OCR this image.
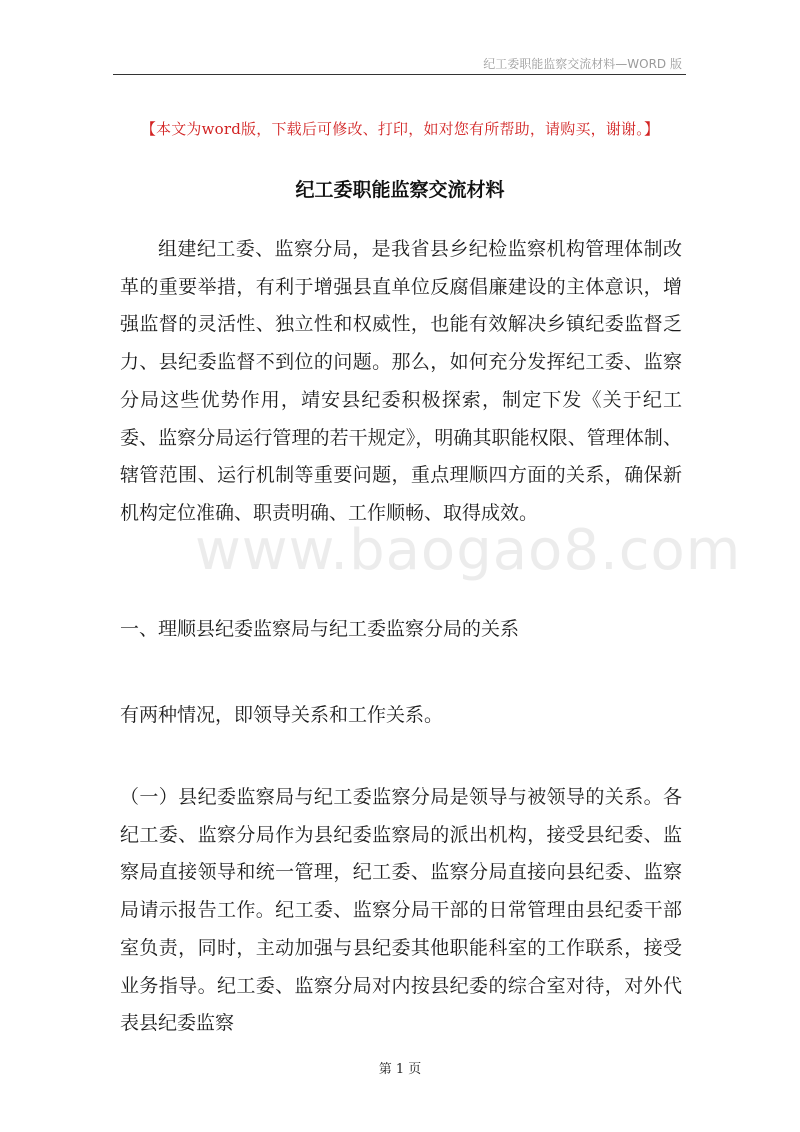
纪工委职能监察交流材料—WORD 版
【本文为word版，下载后可修改、打印，如对您有所帮助，请购买，谢谢。】
纪工委职能监察交流材料

组建纪工委、监察分局，是我省县乡纪检监察机构管理体制改革的重要举措，有利于增强县直单位反腐倡廉建设的主体意识，增强监督的灵活性、独立性和权威性，也能有效解决乡镇纪委监督乏力、县纪委监督不到位的问题。那么，如何充分发挥纪工委、监察分局这些优势作用，靖安县纪委积极探索，制定下发《关于纪工委、监察分局运行管理的若干规定》，明确其职能权限、管理体制、辖管范围、运行机制等重要问题，重点理顺四方面的关系，确保新机构定位准确、职责明确、工作顺畅、取得成效。

一、理顺县纪委监察局与纪工委监察分局的关系

有两种情况，即领导关系和工作关系。

（一）县纪委监察局与纪工委监察分局是领导与被领导的关系。各纪工委、监察分局作为县纪委监察局的派出机构，接受县纪委、监察局直接领导和统一管理，纪工委、监察分局直接向县纪委、监察局请示报告工作。纪工委、监察分局干部的日常管理由县纪委干部室负责，同时，主动加强与县纪委其他职能科室的工作联系，接受业务指导。纪工委、监察分局对内按县纪委的综合室对待，对外代表县纪委监察

www.baogao8.com
第 1 页
